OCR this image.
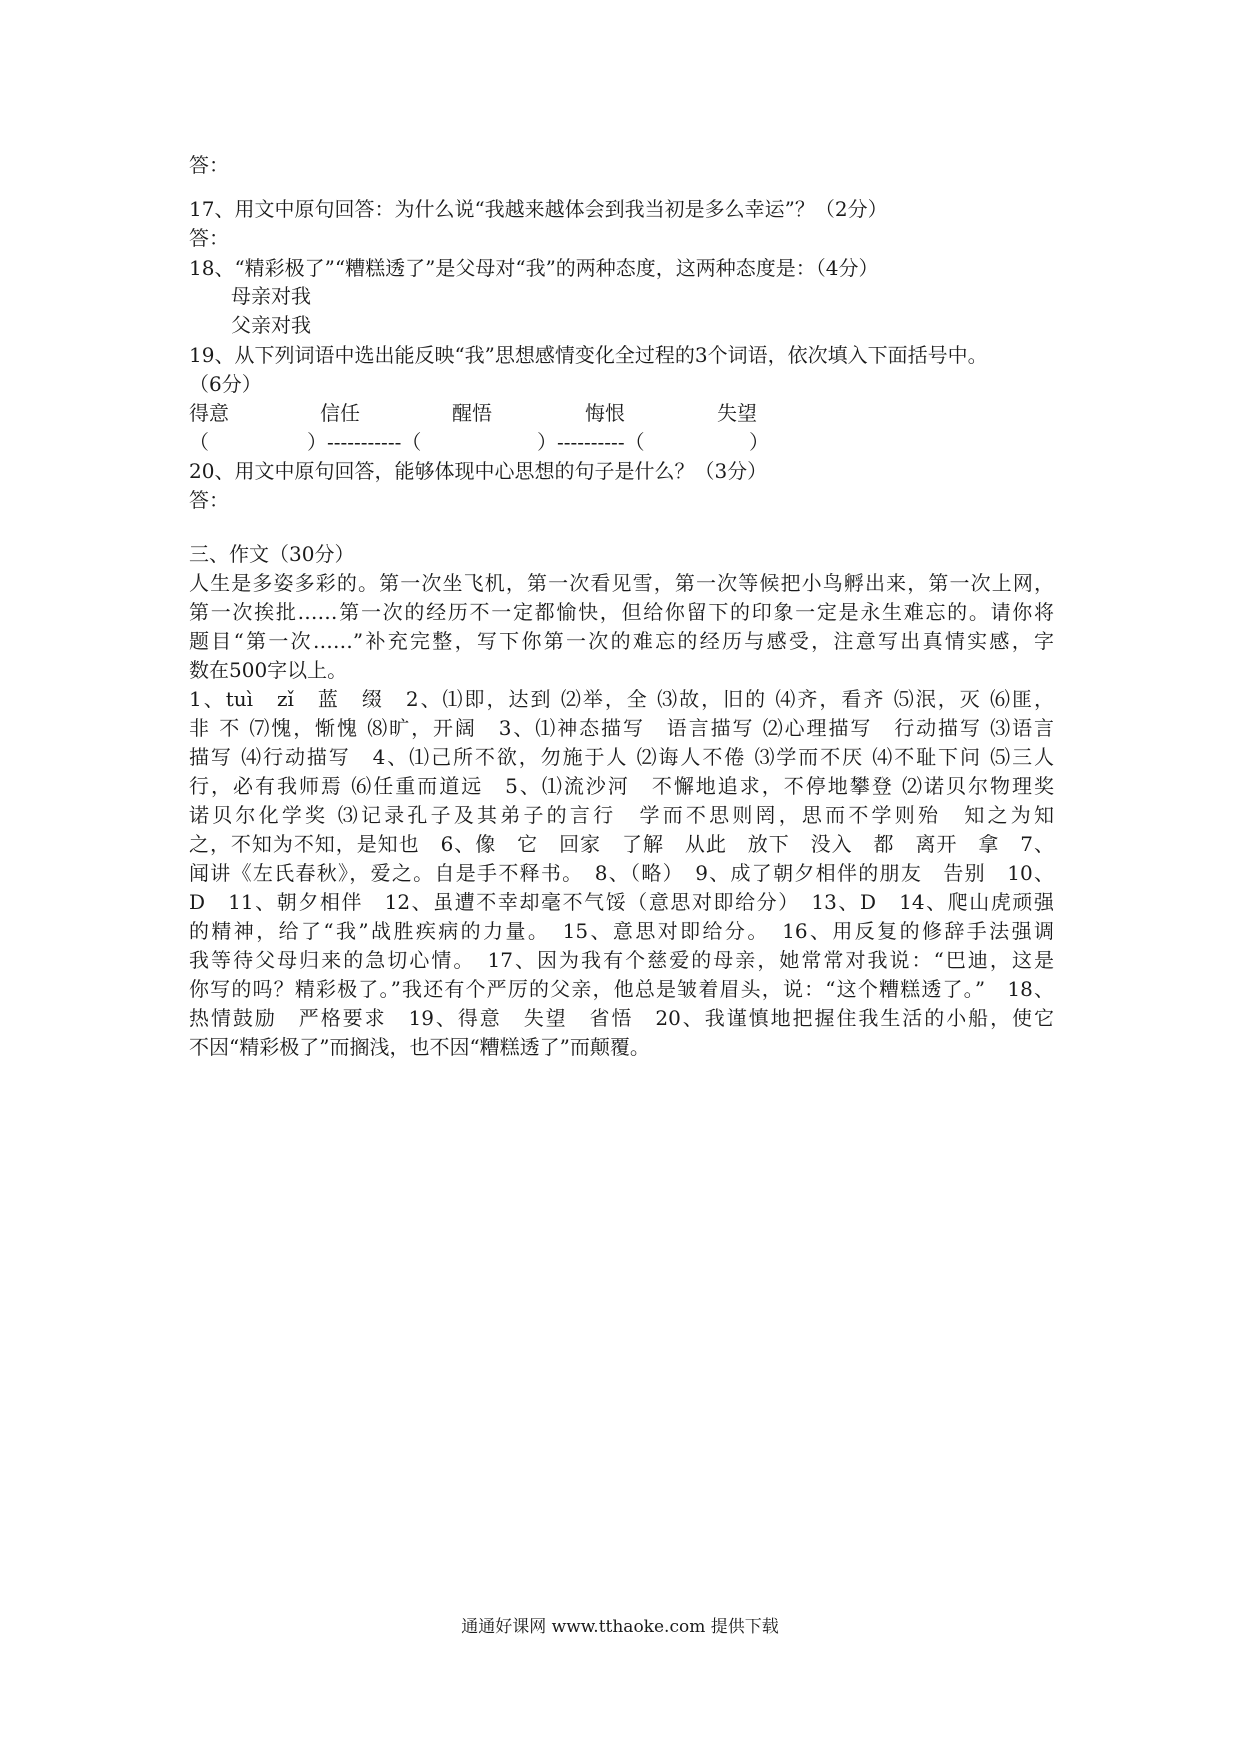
答：
17、用文中原句回答：为什么说“我越来越体会到我当初是多么幸运”？（2分）
答：
18、“精彩极了”“糟糕透了”是父母对“我”的两种态度，这两种态度是：（4分）
母亲对我
父亲对我
19、从下列词语中选出能反映“我”思想感情变化全过程的3个词语，依次填入下面括号中。
（6分）
得意	信任	醒悟	悔恨	失望
（	）-----------（	）----------（	）
20、用文中原句回答，能够体现中心思想的句子是什么？（3分）
答：
三、作文（30分）
人生是多姿多彩的。第一次坐飞机，第一次看见雪，第一次等候把小鸟孵出来，第一次上网，
第一次挨批……第一次的经历不一定都愉快，但给你留下的印象一定是永生难忘的。请你将
题目“第一次……”补充完整，写下你第一次的难忘的经历与感受，注意写出真情实感，字
数在500字以上。
1、tuì　zǐ　蓝　缀　2、⑴即，达到 ⑵举，全 ⑶故，旧的 ⑷齐，看齐 ⑸泯，灭 ⑹匪，
非 不 ⑺愧，惭愧 ⑻旷，开阔　3、⑴神态描写　语言描写 ⑵心理描写　行动描写 ⑶语言
描写 ⑷行动描写　4、⑴己所不欲，勿施于人 ⑵诲人不倦 ⑶学而不厌 ⑷不耻下问 ⑸三人
行，必有我师焉 ⑹任重而道远　5、⑴流沙河　不懈地追求，不停地攀登 ⑵诺贝尔物理奖
诺贝尔化学奖 ⑶记录孔子及其弟子的言行　学而不思则罔，思而不学则殆　知之为知
之，不知为不知，是知也　6、像　它　回家　了解　从此　放下　没入　都　离开　拿　7、
闻讲《左氏春秋》，爱之。自是手不释书。　8、（略）　9、成了朝夕相伴的朋友　告别　10、
D　11、朝夕相伴　12、虽遭不幸却毫不气馁（意思对即给分）　13、D　14、爬山虎顽强
的精神，给了“我”战胜疾病的力量。　15、意思对即给分。　16、用反复的修辞手法强调
我等待父母归来的急切心情。　17、因为我有个慈爱的母亲，她常常对我说：“巴迪，这是
你写的吗？精彩极了。”我还有个严厉的父亲，他总是皱着眉头，说：“这个糟糕透了。”　18、
热情鼓励　严格要求　19、得意　失望　省悟　20、我谨慎地把握住我生活的小船，使它
不因“精彩极了”而搁浅，也不因“糟糕透了”而颠覆。
通通好课网 www.tthaoke.com 提供下载
